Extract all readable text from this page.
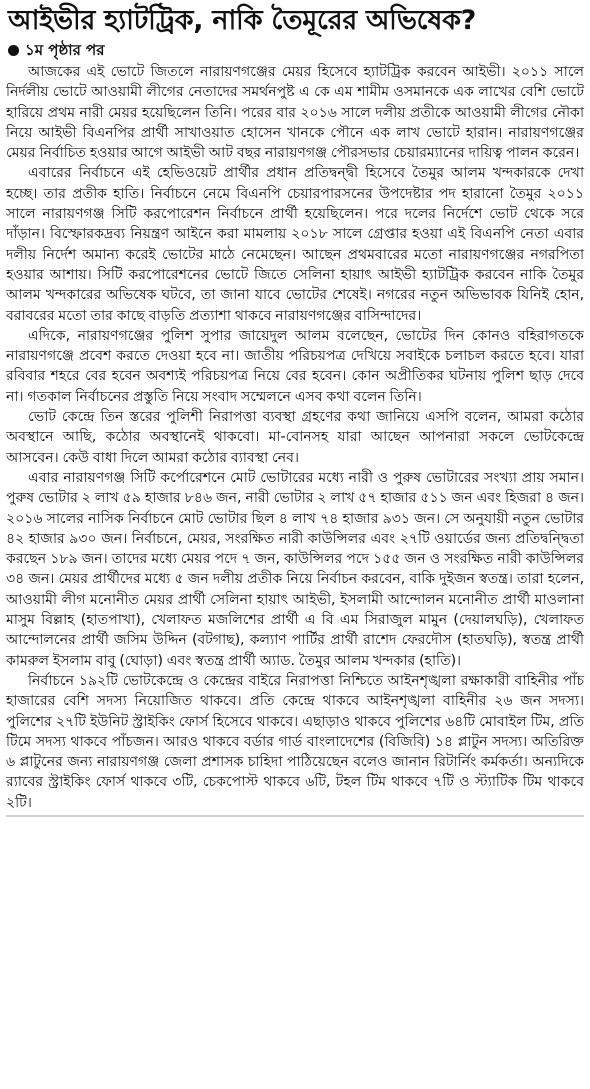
আইভীর হ্যাটট্রিক, নাকি তৈমূরের অভিষেক?
১ম পৃষ্ঠার পর

আজকের এই ভোটে জিতলে নারায়ণগঞ্জের মেয়র হিসেবে হ্যাটট্রিক করবেন আইভী। ২০১১ সালে নির্দলীয় ভোটে আওয়ামী লীগের নেতাদের সমর্থনপুষ্ট এ কে এম শামীম ওসমানকে এক লাখের বেশি ভোটে হারিয়ে প্রথম নারী মেয়র হয়েছিলেন তিনি। পরের বার ২০১৬ সালে দলীয় প্রতীকে আওয়ামী লীগের নৌকা নিয়ে আইভী বিএনপির প্রার্থী সাখাওয়াত হোসেন খানকে পৌনে এক লাখ ভোটে হারান। নারায়ণগঞ্জের মেয়র নির্বাচিত হওয়ার আগে আইভী আট বছর নারায়ণগঞ্জ পৌরসভার চেয়ারম্যানের দায়িত্ব পালন করেন।

এবারের নির্বাচনে এই হেভিওয়েট প্রার্থীর প্রধান প্রতিদ্বন্দ্বী হিসেবে তৈমুর আলম খন্দকারকে দেখা হচ্ছে। তার প্রতীক হাতি। নির্বাচনে নেমে বিএনপি চেয়ারপারসনের উপদেষ্টার পদ হারানো তৈমুর ২০১১ সালে নারায়ণগঞ্জ সিটি করপোরেশন নির্বাচনে প্রার্থী হয়েছিলেন। পরে দলের নির্দেশে ভোট থেকে সরে দাঁড়ান। বিস্ফোরকদ্রব্য নিয়ন্ত্রণ আইনে করা মামলায় ২০১৮ সালে গ্রেপ্তার হওয়া এই বিএনপি নেতা এবার দলীয় নির্দেশ অমান্য করেই ভোটের মাঠে নেমেছেন। আছেন প্রথমবারের মতো নারায়ণগঞ্জের নগরপিতা হওয়ার আশায়। সিটি করপোরেশনের ভোটে জিতে সেলিনা হায়াৎ আইভী হ্যাটট্রিক করবেন নাকি তৈমুর আলম খন্দকারের অভিষেক ঘটবে, তা জানা যাবে ভোটের শেষেই। নগরের নতুন অভিভাবক যিনিই হোন, বরাবরের মতো তার কাছে বাড়তি প্রত্যাশা থাকবে নারায়ণগঞ্জের বাসিন্দাদের।

এদিকে, নারায়ণগঞ্জের পুলিশ সুপার জায়েদুল আলম বলেছেন, ভোটের দিন কোনও বহিরাগতকে নারায়ণগঞ্জে প্রবেশ করতে দেওয়া হবে না। জাতীয় পরিচয়পত্র দেখিয়ে সবাইকে চলাচল করতে হবে। যারা রবিবার শহরে বের হবেন অবশ্যই পরিচয়পত্র নিয়ে বের হবেন। কোন অপ্রীতিকর ঘটনায় পুলিশ ছাড় দেবে না। গতকাল নির্বাচনের প্রস্তুতি নিয়ে সংবাদ সম্মেলনে এসব কথা বলেন তিনি।

ভোট কেন্দ্রে তিন স্তরের পুলিশী নিরাপত্তা ব্যবস্থা গ্রহণের কথা জানিয়ে এসপি বলেন, আমরা কঠোর অবস্থানে আছি, কঠোর অবস্থানেই থাকবো। মা-বোনসহ যারা আছেন আপনারা সকলে ভোটকেন্দ্রে আসবেন। কেউ বাধা দিলে আমরা কঠোর ব্যাবস্থা নেব।

এবার নারায়ণগঞ্জ সিটি কর্পোরেশনে মোট ভোটারের মধ্যে নারী ও পুরুষ ভোটারের সংখ্যা প্রায় সমান। পুরুষ ভোটার ২ লাখ ৫৯ হাজার ৮৪৬ জন, নারী ভোটার ২ লাখ ৫৭ হাজার ৫১১ জন এবং হিজরা ৪ জন। ২০১৬ সালের নাসিক নির্বাচনে মোট ভোটার ছিল ৪ লাখ ৭৪ হাজার ৯৩১ জন। সে অনুযায়ী নতুন ভোটার ৪২ হাজার ৯৩০ জন। নির্বাচনে, মেয়র, সংরক্ষিত নারী কাউন্সিলর এবং ২৭টি ওয়ার্ডের জন্য প্রতিদ্বন্দ্বিতা করছেন ১৮৯ জন। তাদের মধ্যে মেয়র পদে ৭ জন, কাউন্সিলর পদে ১৫৫ জন ও সংরক্ষিত নারী কাউন্সিলর ৩৪ জন। মেয়র প্রার্থীদের মধ্যে ৫ জন দলীয় প্রতীক নিয়ে নির্বাচন করবেন, বাকি দুইজন স্বতন্ত্র। তারা হলেন, আওয়ামী লীগ মনোনীত মেয়র প্রার্থী সেলিনা হায়াৎ আইভী, ইসলামী আন্দোলন মনোনীত প্রার্থী মাওলানা মাসুম বিল্লাহ (হাতপাখা), খেলাফত মজলিশের প্রার্থী এ বি এম সিরাজুল মামুন (দেয়ালঘড়ি), খেলাফত আন্দোলনের প্রার্থী জসিম উদ্দিন (বটগাছ), কল্যাণ পার্টির প্রার্থী রাশেদ ফেরদৌস (হাতঘড়ি), স্বতন্ত্র প্রার্থী কামরুল ইসলাম বাবু (ঘোড়া) এবং স্বতন্ত্র প্রার্থী অ্যাড. তৈমুর আলম খন্দকার (হাতি)।

নির্বাচনে ১৯২টি ভোটকেন্দ্রে ও কেন্দ্রের বাইরে নিরাপত্তা নিশ্চিতে আইনশৃঙ্খলা রক্ষাকারী বাহিনীর পাঁচ হাজারের বেশি সদস্য নিয়োজিত থাকবে। প্রতি কেন্দ্রে থাকবে আইনশৃঙ্খলা বাহিনীর ২৬ জন সদস্য। পুলিশের ২৭টি ইউনিট স্ট্রাইকিং ফোর্স হিসেবে থাকবে। এছাড়াও থাকবে পুলিশের ৬৪টি মোবাইল টিম, প্রতি টিমে সদস্য থাকবে পাঁচজন। আরও থাকবে বর্ডার গার্ড বাংলাদেশের (বিজিবি) ১৪ প্লাটুন সদস্য। অতিরিক্ত ৬ প্লাটুনের জন্য নারায়ণগঞ্জ জেলা প্রশাসক চাহিদা পাঠিয়েছেন বলেও জানান রিটার্নিং কর্মকর্তা। অন্যদিকে র‍্যাবের স্ট্রাইকিং ফোর্স থাকবে ৩টি, চেকপোস্ট থাকবে ৬টি, টহল টিম থাকবে ৭টি ও স্ট্যাটিক টিম থাকবে ২টি।
